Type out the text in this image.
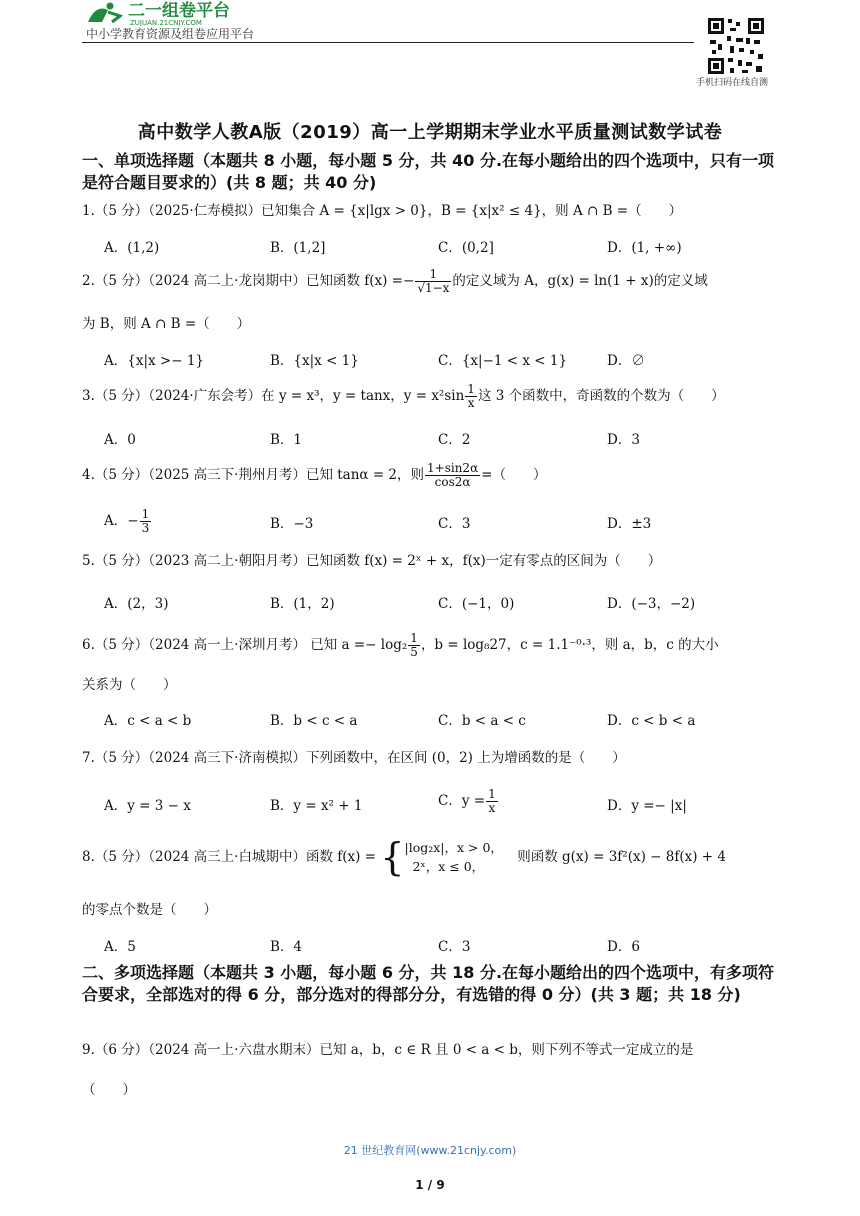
二一组卷平台
ZUJUAN.21CNJY.COM
中小学教育资源及组卷应用平台
手机扫码在线自测
高中数学人教A版（2019）高一上学期期末学业水平质量测试数学试卷
一、单项选择题（本题共 8 小题，每小题 5 分，共 40 分.在每小题给出的四个选项中，只有一项是符合题目要求的）(共 8 题；共 40 分)
1.（5 分）（2025·仁寿模拟）已知集合 A = {x|lgx > 0}，B = {x|x² ≤ 4}，则 A ∩ B =（　　）
A．(1,2)	B．(1,2]	C．(0,2]	D．(1, +∞)
2.（5 分）（2024 高二上·龙岗期中）已知函数 $f(x) =- \frac{1}{√1-x}$ 的定义域为 A，g(x) = ln(1 + x)的定义域
为 B，则 A ∩ B =（　　）
A．{x|x >− 1}	B．{x|x < 1}	C．{x|−1 < x < 1}	D．∅
3.（5 分）（2024·广东会考）在 y = x³，y = tanx，$y = x^2\sin \frac{1}{x}$ 这 3 个函数中，奇函数的个数为（　　）
A．0	B．1	C．2	D．3
4.（5 分）（2025 高三下·荆州月考）已知 tanα = 2，则 $\frac{1+\sin 2\alpha}{\cos 2\alpha}$ =（　　）
A．− $\frac{1}{3}$	B．−3	C．3	D．±3
5.（5 分）（2023 高二上·朝阳月考）已知函数 f(x) = 2ˣ + x，f(x)一定有零点的区间为（　　）
A．(2，3)	B．(1，2)	C．(−1，0)	D．(−3，−2)
6.（5 分）（2024 高一上·深圳月考） 已知 $a =- \log_2 \frac{1}{5}$ ，b = log₈27，c = 1.1⁻⁰·³，则 a，b，c 的大小
关系为（　　）
A．c < a < b	B．b < c < a	C．b < a < c	D．c < b < a
7.（5 分）（2024 高三下·济南模拟）下列函数中，在区间 (0，2) 上为增函数的是（　　）
A．y = 3 − x	B．y = x² + 1	C．$y = \frac{1}{x}$	D．y =− |x|
8.（5 分）（2024 高三上·白城期中）函数 f(x) = { |log₂x|，x > 0，
2ˣ，x ≤ 0，
则函数 g(x) = 3f²(x) − 8f(x) + 4
的零点个数是（　　）
A．5	B．4	C．3	D．6
二、多项选择题（本题共 3 小题，每小题 6 分，共 18 分.在每小题给出的四个选项中，有多项符合要求，全部选对的得 6 分，部分选对的得部分分，有选错的得 0 分）(共 3 题；共 18 分)
9.（6 分）（2024 高一上·六盘水期末）已知 a，b，c ∈ R 且 0 < a < b，则下列不等式一定成立的是
（　　）
21 世纪教育网(www.21cnjy.com)
1 / 9
